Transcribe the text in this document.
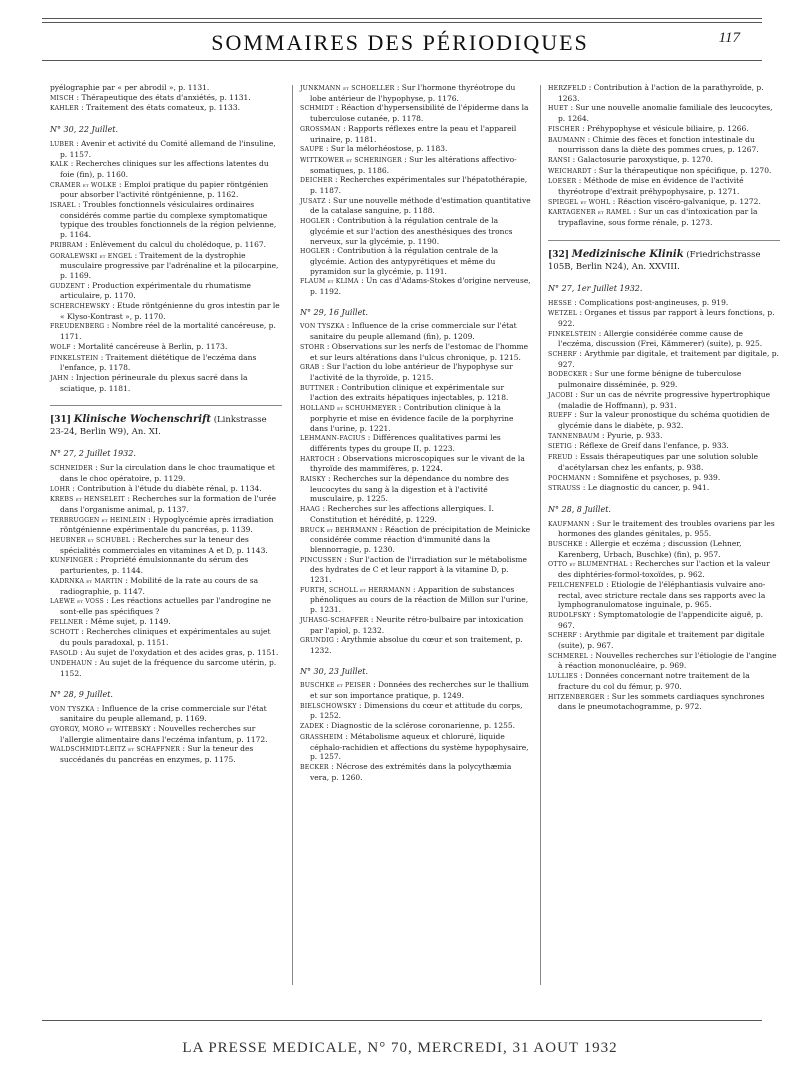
SOMMAIRES DES PÉRIODIQUES	117

pyélographie par « per abrodil », p. 1131.

MISCH : Thérapeutique des états d'anxiétés, p. 1131.

KAHLER : Traitement des états comateux, p. 1133.

N° 30, 22 Juillet.

LUBER : Avenir et activité du Comité allemand de l'insuline, p. 1157.

KALK : Recherches cliniques sur les affections latentes du foie (fin), p. 1160.

CRAMER et WOLKE : Emploi pratique du papier röntgénien pour absorber l'activité röntgénienne, p. 1162.

ISRAEL : Troubles fonctionnels vésiculaires ordinaires considérés comme partie du complexe symptomatique typique des troubles fonctionnels de la région pelvienne, p. 1164.

PRIBRAM : Enlèvement du calcul du cholédoque, p. 1167.

GORALEWSKI et ENGEL : Traitement de la dystrophie musculaire progressive par l'adrénaline et la pilocarpine, p. 1169.

GUDZENT : Production expérimentale du rhumatisme articulaire, p. 1170.

SCHERCHEWSKY : Etude röntgénienne du gros intestin par le « Klyso-Kontrast », p. 1170.

FREUDENBERG : Nombre réel de la mortalité cancéreuse, p. 1171.

WOLF : Mortalité cancéreuse à Berlin, p. 1173.

FINKELSTEIN : Traitement diététique de l'eczéma dans l'enfance, p. 1178.

JAHN : Injection périneurale du plexus sacré dans la sciatique, p. 1181.

[31] Klinische Wochenschrift (Linkstrasse 23-24, Berlin W9), An. XI.
N° 27, 2 Juillet 1932.

SCHNEIDER : Sur la circulation dans le choc traumatique et dans le choc opératoire, p. 1129.

LOHR : Contribution à l'étude du diabète rénal, p. 1134.

KREBS et HENSELEIT : Recherches sur la formation de l'urée dans l'organisme animal, p. 1137.

TERBRUGGEN et HEINLEIN : Hypoglycémie après irradiation röntgénienne expérimentale du pancréas, p. 1139.

HEUBNER et SCHUBEL : Recherches sur la teneur des spécialités commerciales en vitamines A et D, p. 1143.

KUNFINGER : Propriété émulsionnante du sérum des parturientes, p. 1144.

KADRNKA et MARTIN : Mobilité de la rate au cours de sa radiographie, p. 1147.

LAEWE et VOSS : Les réactions actuelles par l'androgine ne sont-elle pas spécifiques ?

FELLNER : Même sujet, p. 1149.

SCHOTT : Recherches cliniques et expérimentales au sujet du pouls paradoxal, p. 1151.

FASOLD : Au sujet de l'oxydation et des acides gras, p. 1151.

UNDEHAUN : Au sujet de la fréquence du sarcome utérin, p. 1152.

N° 28, 9 Juillet.

VON TYSZKA : Influence de la crise commerciale sur l'état sanitaire du peuple allemand, p. 1169.

GYORGY, MORO et WITEBSKY : Nouvelles recherches sur l'allergie alimentaire dans l'eczéma infantum, p. 1172.

WALDSCHMIDT-LEITZ et SCHAFFNER : Sur la teneur des succédanés du pancréas en enzymes, p. 1175.

JUNKMANN et SCHOELLER : Sur l'hormone thyréotrope du lobe antérieur de l'hypophyse, p. 1176.

SCHMIDT : Réaction d'hypersensibilité de l'épiderme dans la tuberculose cutanée, p. 1178.

GROSSMAN : Rapports réflexes entre la peau et l'appareil urinaire, p. 1181.

SAUPE : Sur la mélorhéostose, p. 1183.

WITTKOWER et SCHERINGER : Sur les altérations affectivo-somatiques, p. 1186.

DEICHER : Recherches expérimentales sur l'hépatothérapie, p. 1187.

JUSATZ : Sur une nouvelle méthode d'estimation quantitative de la catalase sanguine, p. 1188.

HOGLER : Contribution à la régulation centrale de la glycémie et sur l'action des anesthésiques des troncs nerveux, sur la glycémie, p. 1190.

HOGLER : Contribution à la régulation centrale de la glycémie. Action des antypyrétiques et même du pyramidon sur la glycémie, p. 1191.

FLAUM et KLIMA : Un cas d'Adams-Stokes d'origine nerveuse, p. 1192.

N° 29, 16 Juillet.

VON TYSZKA : Influence de la crise commerciale sur l'état sanitaire du peuple allemand (fin), p. 1209.

STOHR : Observations sur les nerfs de l'estomac de l'homme et sur leurs altérations dans l'ulcus chronique, p. 1215.

GRAB : Sur l'action du lobe antérieur de l'hypophyse sur l'activité de la thyroïde, p. 1215.

BUTTNER : Contribution clinique et expérimentale sur l'action des extraits hépatiques injectables, p. 1218.

HOLLAND et SCHUHMEYER : Contribution clinique à la porphyrie et mise en évidence facile de la porphyrine dans l'urine, p. 1221.

LEHMANN-FACIUS : Différences qualitatives parmi les différents types du groupe II, p. 1223.

HARTOCH : Observations microscopiques sur le vivant de la thyroïde des mammifères, p. 1224.

RAISKY : Recherches sur la dépendance du nombre des leucocytes du sang à la digestion et à l'activité musculaire, p. 1225.

HAAG : Recherches sur les affections allergiques. I. Constitution et hérédité, p. 1229.

BRUCK et BEHRMANN : Réaction de précipitation de Meinicke considérée comme réaction d'immunité dans la blennorragie, p. 1230.

PINCUSSEN : Sur l'action de l'irradiation sur le métabolisme des hydrates de C et leur rapport à la vitamine D, p. 1231.

FURTH, SCHOLL et HERRMANN : Apparition de substances phénoliques au cours de la réaction de Millon sur l'urine, p. 1231.

JUHASG-SCHAFFER : Neurite rétro-bulbaire par intoxication par l'apiol, p. 1232.

GRUNDIG : Arythmie absolue du cœur et son traitement, p. 1232.

N° 30, 23 Juillet.

BUSCHKE et PEISER : Données des recherches sur le thallium et sur son importance pratique, p. 1249.

BIELSCHOWSKY : Dimensions du cœur et attitude du corps, p. 1252.

ZADEK : Diagnostic de la sclérose coronarienne, p. 1255.

GRASSHEIM : Métabolisme aqueux et chloruré, liquide céphalo-rachidien et affections du système hypophysaire, p. 1257.

BECKER : Nécrose des extrémités dans la polycythæmia vera, p. 1260.

HERZFELD : Contribution à l'action de la parathyroïde, p. 1263.

HUET : Sur une nouvelle anomalie familiale des leucocytes, p. 1264.

FISCHER : Préhypophyse et vésicule biliaire, p. 1266.

BAUMANN : Chimie des fèces et fonction intestinale du nourrisson dans la diète des pommes crues, p. 1267.

RANSI : Galactosurie paroxystique, p. 1270.

WEICHARDT : Sur la thérapeutique non spécifique, p. 1270.

LOESER : Méthode de mise en évidence de l'activité thyréotrope d'extrait préhypophysaire, p. 1271.

SPIEGEL et WOHL : Réaction viscéro-galvanique, p. 1272.

KARTAGENER et RAMEL : Sur un cas d'intoxication par la trypaflavine, sous forme rénale, p. 1273.

[32] Medizinische Klinik (Friedrichstrasse 105B, Berlin N24), An. XXVIII.
N° 27, 1er Juillet 1932.

HESSE : Complications post-angineuses, p. 919.

WETZEL : Organes et tissus par rapport à leurs fonctions, p. 922.

FINKELSTEIN : Allergie considérée comme cause de l'eczéma, discussion (Frei, Kämmerer) (suite), p. 925.

SCHERF : Arythmie par digitale, et traitement par digitale, p. 927.

BODECKER : Sur une forme bénigne de tuberculose pulmonaire disséminée, p. 929.

JACOBI : Sur un cas de névrite progressive hypertrophique (maladie de Hoffmann), p. 931.

RUEFF : Sur la valeur pronostique du schéma quotidien de glycémie dans le diabète, p. 932.

TANNENBAUM : Pyurie, p. 933.

SIETIG : Réflexe de Greif dans l'enfance, p. 933.

FREUD : Essais thérapeutiques par une solution soluble d'acétylarsan chez les enfants, p. 938.

POCHMANN : Somnifène et psychoses, p. 939.

STRAUSS : Le diagnostic du cancer, p. 941.

N° 28, 8 Juillet.

KAUFMANN : Sur le traitement des troubles ovariens par les hormones des glandes génitales, p. 955.

BUSCHKE : Allergie et eczéma ; discussion (Lehner, Karenberg, Urbach, Buschke) (fin), p. 957.

OTTO et BLUMENTHAL : Recherches sur l'action et la valeur des diphtéries-formol-toxoïdes, p. 962.

FEILCHENFELD : Etiologie de l'éléphantiasis vulvaire ano-rectal, avec stricture rectale dans ses rapports avec la lymphogranulomatose inguinale, p. 965.

RUDOLFSKY : Symptomatologie de l'appendicite aiguë, p. 967.

SCHERF : Arythmie par digitale et traitement par digitale (suite), p. 967.

SCHMEREL : Nouvelles recherches sur l'étiologie de l'angine à réaction mononucléaire, p. 969.

LULLIES : Données concernant notre traitement de la fracture du col du fémur, p. 970.

HITZENBERGER : Sur les sommets cardiaques synchrones dans le pneumotachogramme, p. 972.

LA PRESSE MEDICALE, N° 70, MERCREDI, 31 AOUT 1932
